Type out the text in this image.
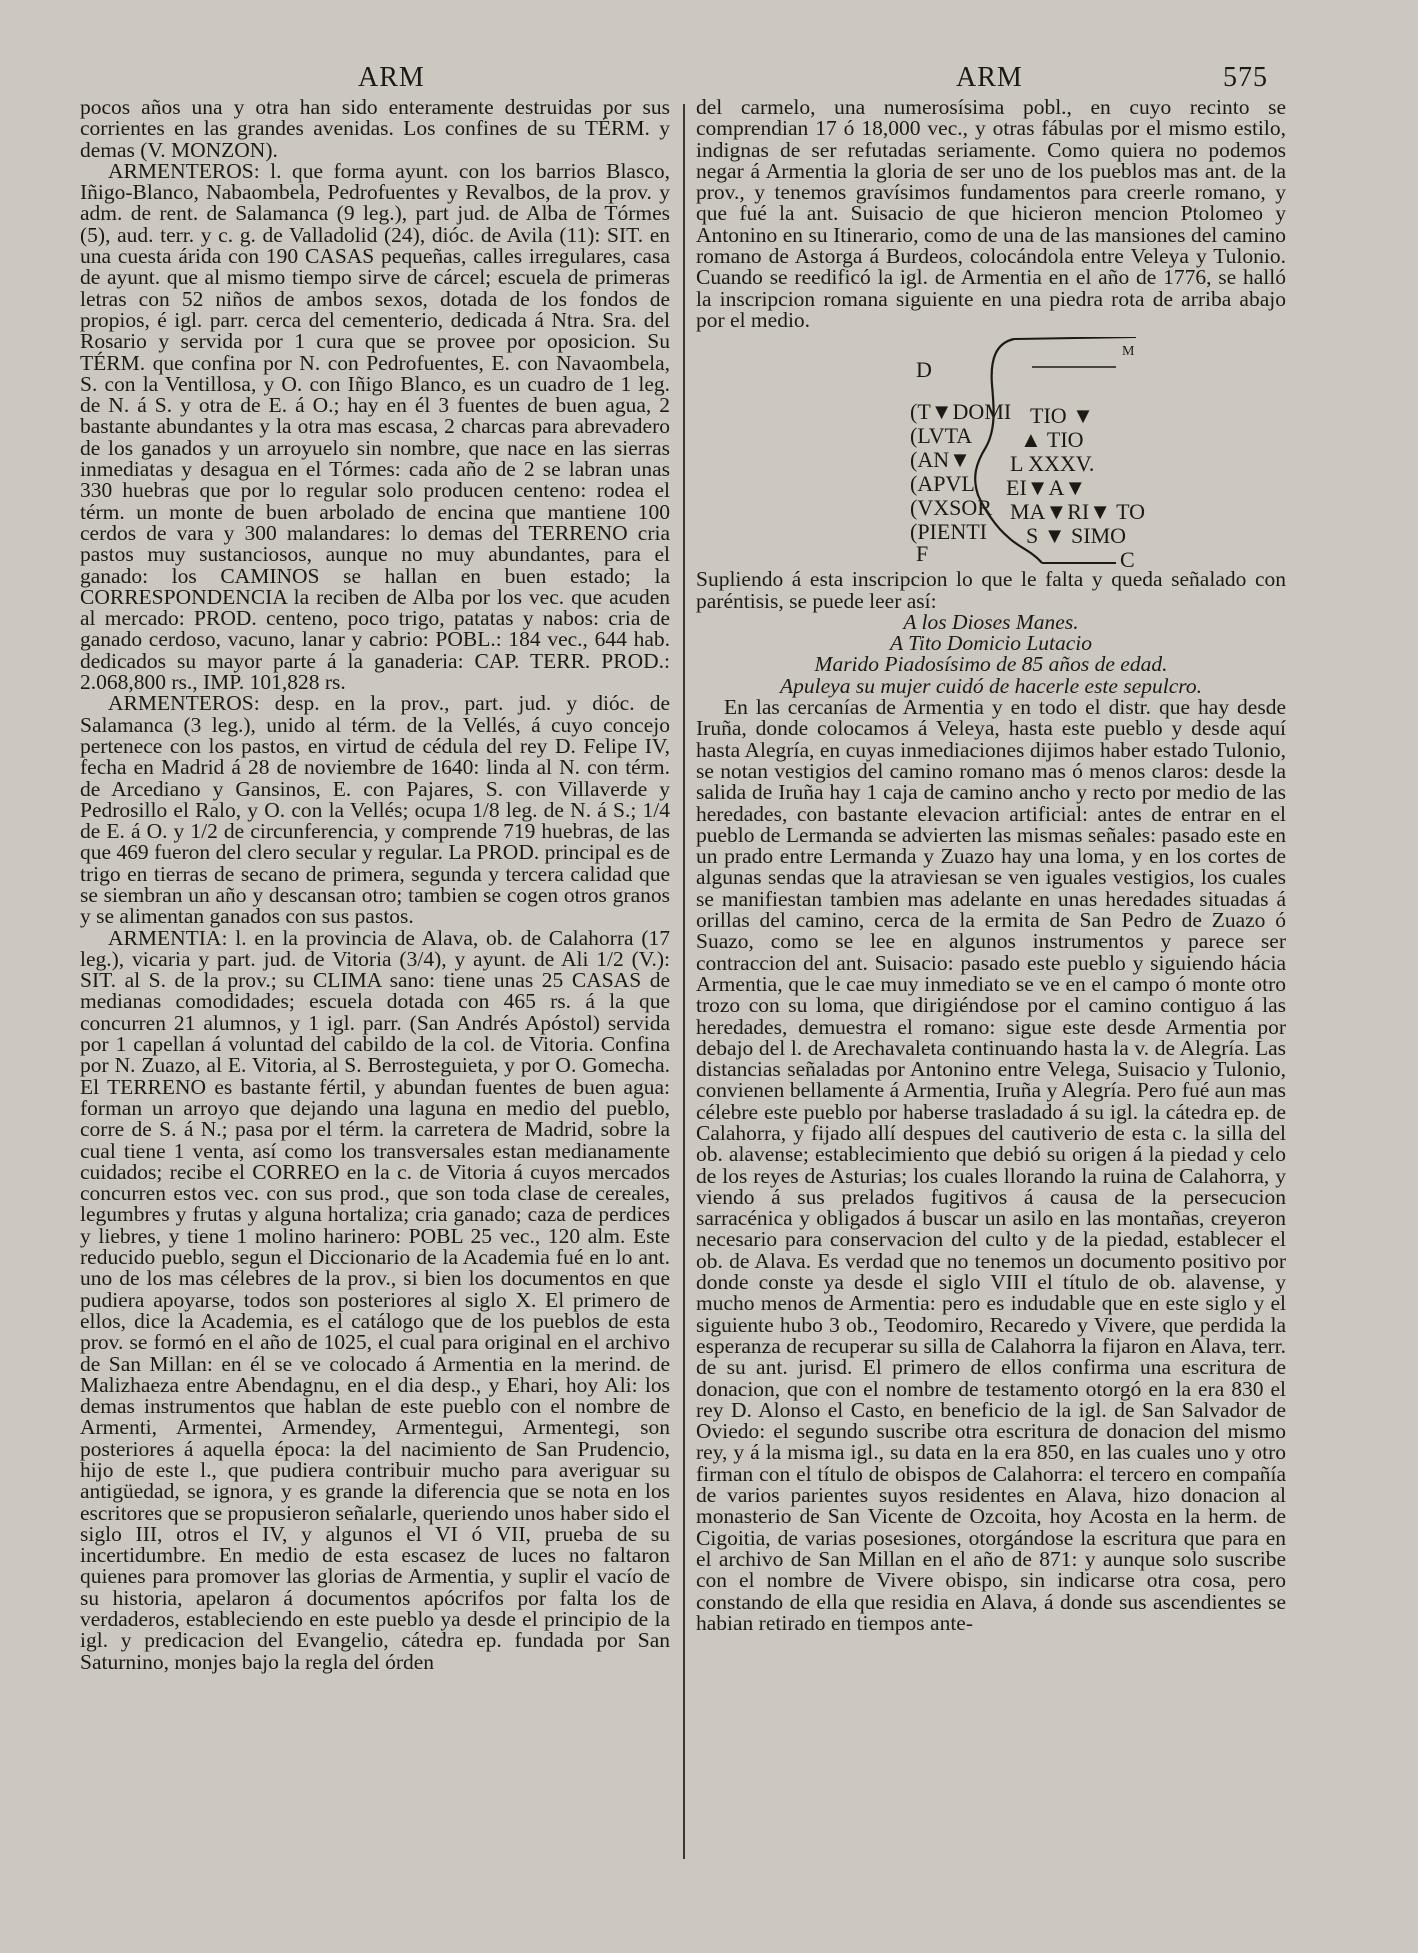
ARM	ARM	575

pocos años una y otra han sido enteramente destruidas por sus corrientes en las grandes avenidas. Los confines de su TÉRM. y demas (V. MONZON).

ARMENTEROS: l. que forma ayunt. con los barrios Blasco, Iñigo-Blanco, Nabaombela, Pedrofuentes y Revalbos, de la prov. y adm. de rent. de Salamanca (9 leg.), part jud. de Alba de Tórmes (5), aud. terr. y c. g. de Valladolid (24), dióc. de Avila (11): SIT. en una cuesta árida con 190 CASAS pequeñas, calles irregulares, casa de ayunt. que al mismo tiempo sirve de cárcel; escuela de primeras letras con 52 niños de ambos sexos, dotada de los fondos de propios, é igl. parr. cerca del cementerio, dedicada á Ntra. Sra. del Rosario y servida por 1 cura que se provee por oposicion. Su TÉRM. que confina por N. con Pedrofuentes, E. con Navaombela, S. con la Ventillosa, y O. con Iñigo Blanco, es un cuadro de 1 leg. de N. á S. y otra de E. á O.; hay en él 3 fuentes de buen agua, 2 bastante abundantes y la otra mas escasa, 2 charcas para abrevadero de los ganados y un arroyuelo sin nombre, que nace en las sierras inmediatas y desagua en el Tórmes: cada año de 2 se labran unas 330 huebras que por lo regular solo producen centeno: rodea el térm. un monte de buen arbolado de encina que mantiene 100 cerdos de vara y 300 malandares: lo demas del TERRENO cria pastos muy sustanciosos, aunque no muy abundantes, para el ganado: los CAMINOS se hallan en buen estado; la CORRESPONDENCIA la reciben de Alba por los vec. que acuden al mercado: PROD. centeno, poco trigo, patatas y nabos: cria de ganado cerdoso, vacuno, lanar y cabrio: POBL.: 184 vec., 644 hab. dedicados su mayor parte á la ganaderia: CAP. TERR. PROD.: 2.068,800 rs., IMP. 101,828 rs.

ARMENTEROS: desp. en la prov., part. jud. y dióc. de Salamanca (3 leg.), unido al térm. de la Vellés, á cuyo concejo pertenece con los pastos, en virtud de cédula del rey D. Felipe IV, fecha en Madrid á 28 de noviembre de 1640: linda al N. con térm. de Arcediano y Gansinos, E. con Pajares, S. con Villaverde y Pedrosillo el Ralo, y O. con la Vellés; ocupa 1/8 leg. de N. á S.; 1/4 de E. á O. y 1/2 de circunferencia, y comprende 719 huebras, de las que 469 fueron del clero secular y regular. La PROD. principal es de trigo en tierras de secano de primera, segunda y tercera calidad que se siembran un año y descansan otro; tambien se cogen otros granos y se alimentan ganados con sus pastos.

ARMENTIA: l. en la provincia de Alava, ob. de Calahorra (17 leg.), vicaria y part. jud. de Vitoria (3/4), y ayunt. de Ali 1/2 (V.): SIT. al S. de la prov.; su CLIMA sano: tiene unas 25 CASAS de medianas comodidades; escuela dotada con 465 rs. á la que concurren 21 alumnos, y 1 igl. parr. (San Andrés Apóstol) servida por 1 capellan á voluntad del cabildo de la col. de Vitoria. Confina por N. Zuazo, al E. Vitoria, al S. Berrosteguieta, y por O. Gomecha. El TERRENO es bastante fértil, y abundan fuentes de buen agua: forman un arroyo que dejando una laguna en medio del pueblo, corre de S. á N.; pasa por el térm. la carretera de Madrid, sobre la cual tiene 1 venta, así como los transversales estan medianamente cuidados; recibe el CORREO en la c. de Vitoria á cuyos mercados concurren estos vec. con sus prod., que son toda clase de cereales, legumbres y frutas y alguna hortaliza; cria ganado; caza de perdices y liebres, y tiene 1 molino harinero: POBL 25 vec., 120 alm. Este reducido pueblo, segun el Diccionario de la Academia fué en lo ant. uno de los mas célebres de la prov., si bien los documentos en que pudiera apoyarse, todos son posteriores al siglo X. El primero de ellos, dice la Academia, es el catálogo que de los pueblos de esta prov. se formó en el año de 1025, el cual para original en el archivo de San Millan: en él se ve colocado á Armentia en la merind. de Malizhaeza entre Abendagnu, en el dia desp., y Ehari, hoy Ali: los demas instrumentos que hablan de este pueblo con el nombre de Armenti, Armentei, Armendey, Armentegui, Armentegi, son posteriores á aquella época: la del nacimiento de San Prudencio, hijo de este l., que pudiera contribuir mucho para averiguar su antigüedad, se ignora, y es grande la diferencia que se nota en los escritores que se propusieron señalarle, queriendo unos haber sido el siglo III, otros el IV, y algunos el VI ó VII, prueba de su incertidumbre. En medio de esta escasez de luces no faltaron quienes para promover las glorias de Armentia, y suplir el vacío de su historia, apelaron á documentos apócrifos por falta los de verdaderos, estableciendo en este pueblo ya desde el principio de la igl. y predicacion del Evangelio, cátedra ep. fundada por San Saturnino, monjes bajo la regla del órden

del carmelo, una numerosísima pobl., en cuyo recinto se comprendian 17 ó 18,000 vec., y otras fábulas por el mismo estilo, indignas de ser refutadas seriamente. Como quiera no podemos negar á Armentia la gloria de ser uno de los pueblos mas ant. de la prov., y tenemos gravísimos fundamentos para creerle romano, y que fué la ant. Suisacio de que hicieron mencion Ptolomeo y Antonino en su Itinerario, como de una de las mansiones del camino romano de Astorga á Burdeos, colocándola entre Veleya y Tulonio. Cuando se reedificó la igl. de Armentia en el año de 1776, se halló la inscripcion romana siguiente en una piedra rota de arriba abajo por el medio.

D
M
F	C
(T▼DOMI
(LVTA
(AN▼
(APVL
(VXSOR
(PIENTI
TIO ▼
▲ TIO
L XXXV.
EI▼A▼
MA▼RI▼ TO
S ▼ SIMO

Supliendo á esta inscripcion lo que le falta y queda señalado con paréntisis, se puede leer así:

A los Dioses Manes.

A Tito Domicio Lutacio

Marido Piadosísimo de 85 años de edad.

Apuleya su mujer cuidó de hacerle este sepulcro.

En las cercanías de Armentia y en todo el distr. que hay desde Iruña, donde colocamos á Veleya, hasta este pueblo y desde aquí hasta Alegría, en cuyas inmediaciones dijimos haber estado Tulonio, se notan vestigios del camino romano mas ó menos claros: desde la salida de Iruña hay 1 caja de camino ancho y recto por medio de las heredades, con bastante elevacion artificial: antes de entrar en el pueblo de Lermanda se advierten las mismas señales: pasado este en un prado entre Lermanda y Zuazo hay una loma, y en los cortes de algunas sendas que la atraviesan se ven iguales vestigios, los cuales se manifiestan tambien mas adelante en unas heredades situadas á orillas del camino, cerca de la ermita de San Pedro de Zuazo ó Suazo, como se lee en algunos instrumentos y parece ser contraccion del ant. Suisacio: pasado este pueblo y siguiendo hácia Armentia, que le cae muy inmediato se ve en el campo ó monte otro trozo con su loma, que dirigiéndose por el camino contiguo á las heredades, demuestra el romano: sigue este desde Armentia por debajo del l. de Arechavaleta continuando hasta la v. de Alegría. Las distancias señaladas por Antonino entre Velega, Suisacio y Tulonio, convienen bellamente á Armentia, Iruña y Alegría. Pero fué aun mas célebre este pueblo por haberse trasladado á su igl. la cátedra ep. de Calahorra, y fijado allí despues del cautiverio de esta c. la silla del ob. alavense; establecimiento que debió su origen á la piedad y celo de los reyes de Asturias; los cuales llorando la ruina de Calahorra, y viendo á sus prelados fugitivos á causa de la persecucion sarracénica y obligados á buscar un asilo en las montañas, creyeron necesario para conservacion del culto y de la piedad, establecer el ob. de Alava. Es verdad que no tenemos un documento positivo por donde conste ya desde el siglo VIII el título de ob. alavense, y mucho menos de Armentia: pero es indudable que en este siglo y el siguiente hubo 3 ob., Teodomiro, Recaredo y Vivere, que perdida la esperanza de recuperar su silla de Calahorra la fijaron en Alava, terr. de su ant. jurisd. El primero de ellos confirma una escritura de donacion, que con el nombre de testamento otorgó en la era 830 el rey D. Alonso el Casto, en beneficio de la igl. de San Salvador de Oviedo: el segundo suscribe otra escritura de donacion del mismo rey, y á la misma igl., su data en la era 850, en las cuales uno y otro firman con el título de obispos de Calahorra: el tercero en compañía de varios parientes suyos residentes en Alava, hizo donacion al monasterio de San Vicente de Ozcoita, hoy Acosta en la herm. de Cigoitia, de varias posesiones, otorgándose la escritura que para en el archivo de San Millan en el año de 871: y aunque solo suscribe con el nombre de Vivere obispo, sin indicarse otra cosa, pero constando de ella que residia en Alava, á donde sus ascendientes se habian retirado en tiempos ante-
